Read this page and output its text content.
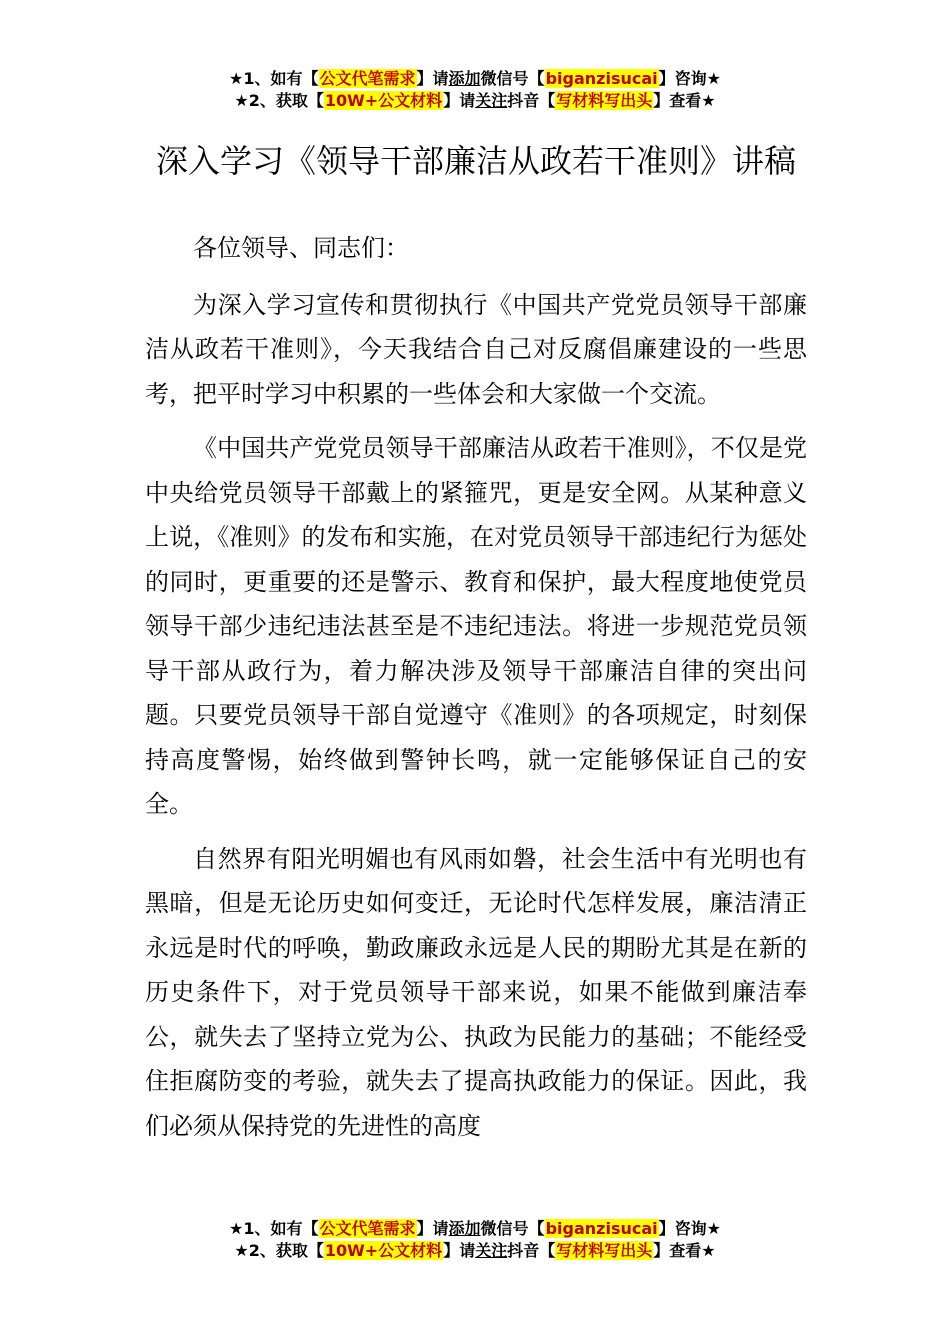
★1、如有【公文代笔需求】请添加微信号【biganzisucai】咨询★
★2、获取【10W+公文材料】请关注抖音【写材料写出头】查看★
深入学习《领导干部廉洁从政若干准则》讲稿

各位领导、同志们：

为深入学习宣传和贯彻执行《中国共产党党员领导干部廉洁从政若干准则》，今天我结合自己对反腐倡廉建设的一些思考，把平时学习中积累的一些体会和大家做一个交流。

《中国共产党党员领导干部廉洁从政若干准则》，不仅是党中央给党员领导干部戴上的紧箍咒，更是安全网。从某种意义上说，《准则》的发布和实施，在对党员领导干部违纪行为惩处的同时，更重要的还是警示、教育和保护，最大程度地使党员领导干部少违纪违法甚至是不违纪违法。将进一步规范党员领导干部从政行为，着力解决涉及领导干部廉洁自律的突出问题。只要党员领导干部自觉遵守《准则》的各项规定，时刻保持高度警惕，始终做到警钟长鸣，就一定能够保证自己的安全。

自然界有阳光明媚也有风雨如磐，社会生活中有光明也有黑暗，但是无论历史如何变迁，无论时代怎样发展，廉洁清正永远是时代的呼唤，勤政廉政永远是人民的期盼尤其是在新的历史条件下，对于党员领导干部来说，如果不能做到廉洁奉公，就失去了坚持立党为公、执政为民能力的基础；不能经受住拒腐防变的考验，就失去了提高执政能力的保证。因此，我们必须从保持党的先进性的高度

★1、如有【公文代笔需求】请添加微信号【biganzisucai】咨询★
★2、获取【10W+公文材料】请关注抖音【写材料写出头】查看★
